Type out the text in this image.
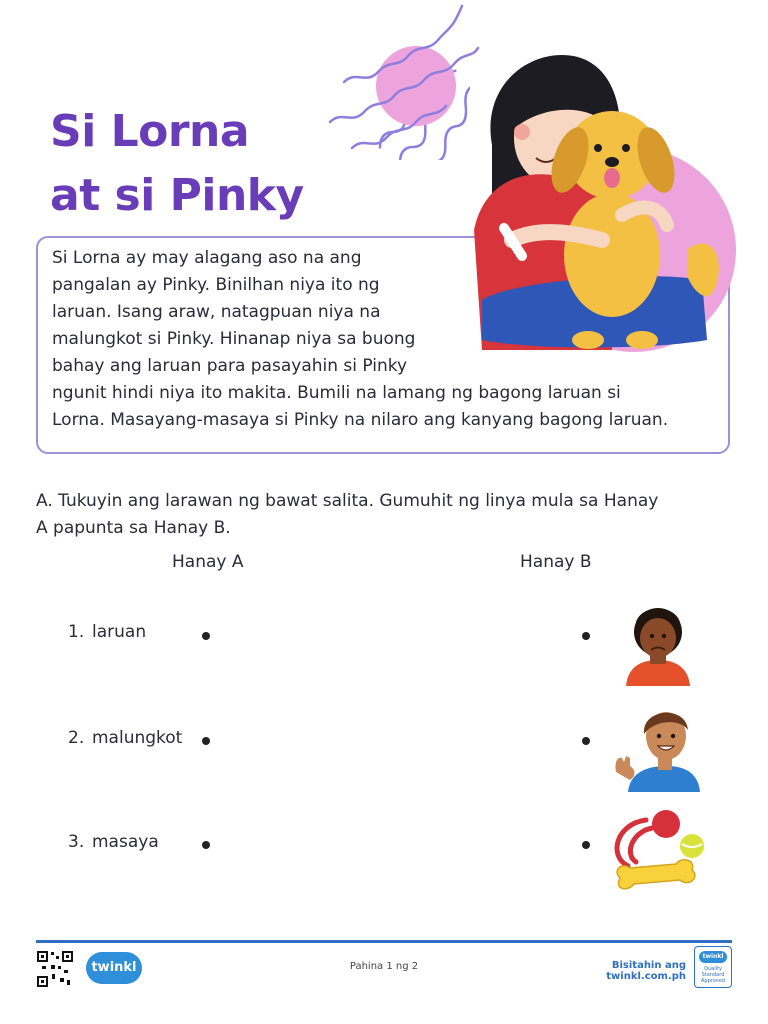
Si Lorna
at si Pinky
Si Lorna ay may alagang aso na ang
pangalan ay Pinky. Binilhan niya ito ng
laruan. Isang araw, natagpuan niya na
malungkot si Pinky. Hinanap niya sa buong
bahay ang laruan para pasayahin si Pinky
ngunit hindi niya ito makita. Bumili na lamang ng bagong laruan si
Lorna. Masayang-masaya si Pinky na nilaro ang kanyang bagong laruan.
A. Tukuyin ang larawan ng bawat salita. Gumuhit ng linya mula sa Hanay
A papunta sa Hanay B.
Hanay A	Hanay B
1. laruan
2. malungkot
3. masaya
twinkl	Pahina 1 ng 2	Bisitahin ang twinkl.com.ph
twinkl
Quality Standard Approved
